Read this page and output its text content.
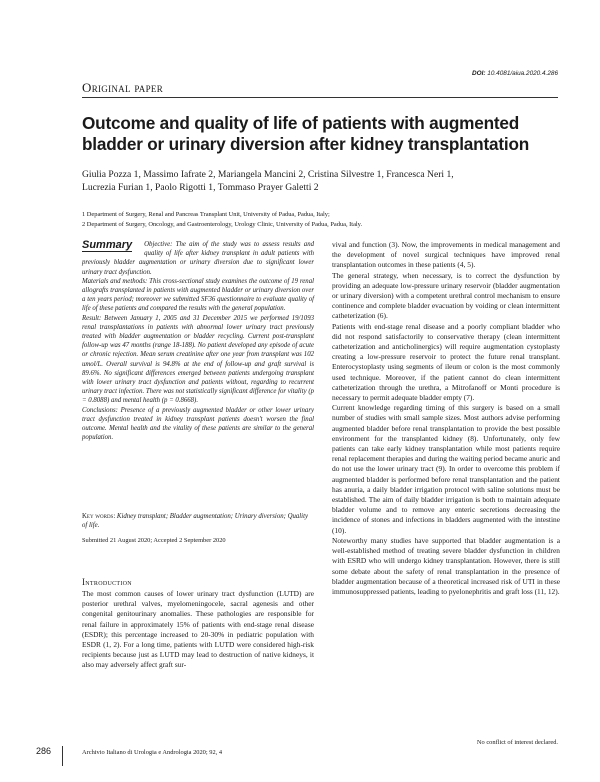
DOI: 10.4081/aiua.2020.4.286
Original paper
Outcome and quality of life of patients with augmented bladder or urinary diversion after kidney transplantation
Giulia Pozza 1, Massimo Iafrate 2, Mariangela Mancini 2, Cristina Silvestre 1, Francesca Neri 1,
Lucrezia Furian 1, Paolo Rigotti 1, Tommaso Prayer Galetti 2
1 Department of Surgery, Renal and Pancreas Transplant Unit, University of Padua, Padua, Italy;
2 Department of Surgery, Oncology, and Gastroenterology, Urology Clinic, University of Padua, Padua, Italy.
Summary	Objective: The aim of the study was to assess results and quality of life after kidney transplant in adult patients with previously bladder augmentation or urinary diversion due to significant lower urinary tract dysfunction.

Materials and methods: This cross-sectional study examines the outcome of 19 renal allografts transplanted in patients with augmented bladder or urinary diversion over a ten years period; moreover we submitted SF36 questionnaire to evaluate quality of life of these patients and compared the results with the general population.

Result: Between January 1, 2005 and 31 December 2015 we performed 19/1093 renal transplantations in patients with abnormal lower urinary tract previously treated with bladder augmentation or bladder recycling. Current post-transplant follow-up was 47 months (range 18-188). No patient developed any episode of acute or chronic rejection. Mean serum creatinine after one year from transplant was 102 umol/L. Overall survival is 94.8% at the end of follow-up and graft survival is 89.6%. No significant differences emerged between patients undergoing transplant with lower urinary tract dysfunction and patients without, regarding to recurrent urinary tract infection. There was not statistically significant difference for vitality (p = 0.8088) and mental health (p = 0.8668).

Conclusions: Presence of a previously augmented bladder or other lower urinary tract dysfunction treated in kidney transplant patients doesn't worsen the final outcome. Mental health and the vitality of these patients are similar to the general population.

Key words: Kidney transplant; Bladder augmentation; Urinary diversion; Quality of life.
Submitted 21 August 2020; Accepted 2 September 2020
Introduction

The most common causes of lower urinary tract dysfunction (LUTD) are posterior urethral valves, myelomeningocele, sacral agenesis and other congenital genitourinary anomalies. These pathologies are responsible for renal failure in approximately 15% of patients with end-stage renal disease (ESDR); this percentage increased to 20-30% in pediatric population with ESDR (1, 2). For a long time, patients with LUTD were considered high-risk recipients because just as LUTD may lead to destruction of native kidneys, it also may adversely affect graft sur-

vival and function (3). Now, the improvements in medical management and the development of novel surgical techniques have improved renal transplantation outcomes in these patients (4, 5).

The general strategy, when necessary, is to correct the dysfunction by providing an adequate low-pressure urinary reservoir (bladder augmentation or urinary diversion) with a competent urethral control mechanism to ensure continence and complete bladder evacuation by voiding or clean intermittent catheterization (6).

Patients with end-stage renal disease and a poorly compliant bladder who did not respond satisfactorily to conservative therapy (clean intermittent catheterization and anticholinergics) will require augmentation cystoplasty creating a low-pressure reservoir to protect the future renal transplant. Enterocystoplasty using segments of ileum or colon is the most commonly used technique. Moreover, if the patient cannot do clean intermittent catheterization through the urethra, a Mitrofanoff or Monti procedure is necessary to permit adequate bladder empty (7).

Current knowledge regarding timing of this surgery is based on a small number of studies with small sample sizes. Most authors advise performing augmented bladder before renal transplantation to provide the best possible environment for the transplanted kidney (8). Unfortunately, only few patients can take early kidney transplantation while most patients require renal replacement therapies and during the waiting period became anuric and do not use the lower urinary tract (9). In order to overcome this problem if augmented bladder is performed before renal transplantation and the patient has anuria, a daily bladder irrigation protocol with saline solutions must be established. The aim of daily bladder irrigation is both to maintain adequate bladder volume and to remove any enteric secretions decreasing the incidence of stones and infections in bladders augmented with the intestine (10).

Noteworthy many studies have supported that bladder augmentation is a well-established method of treating severe bladder dysfunction in children with ESRD who will undergo kidney transplantation. However, there is still some debate about the safety of renal transplantation in the presence of bladder augmentation because of a theoretical increased risk of UTI in these immunosuppressed patients, leading to pyelonephritis and graft loss (11, 12).

No conflict of interest declared.
286	Archivio Italiano di Urologia e Andrologia 2020; 92, 4
